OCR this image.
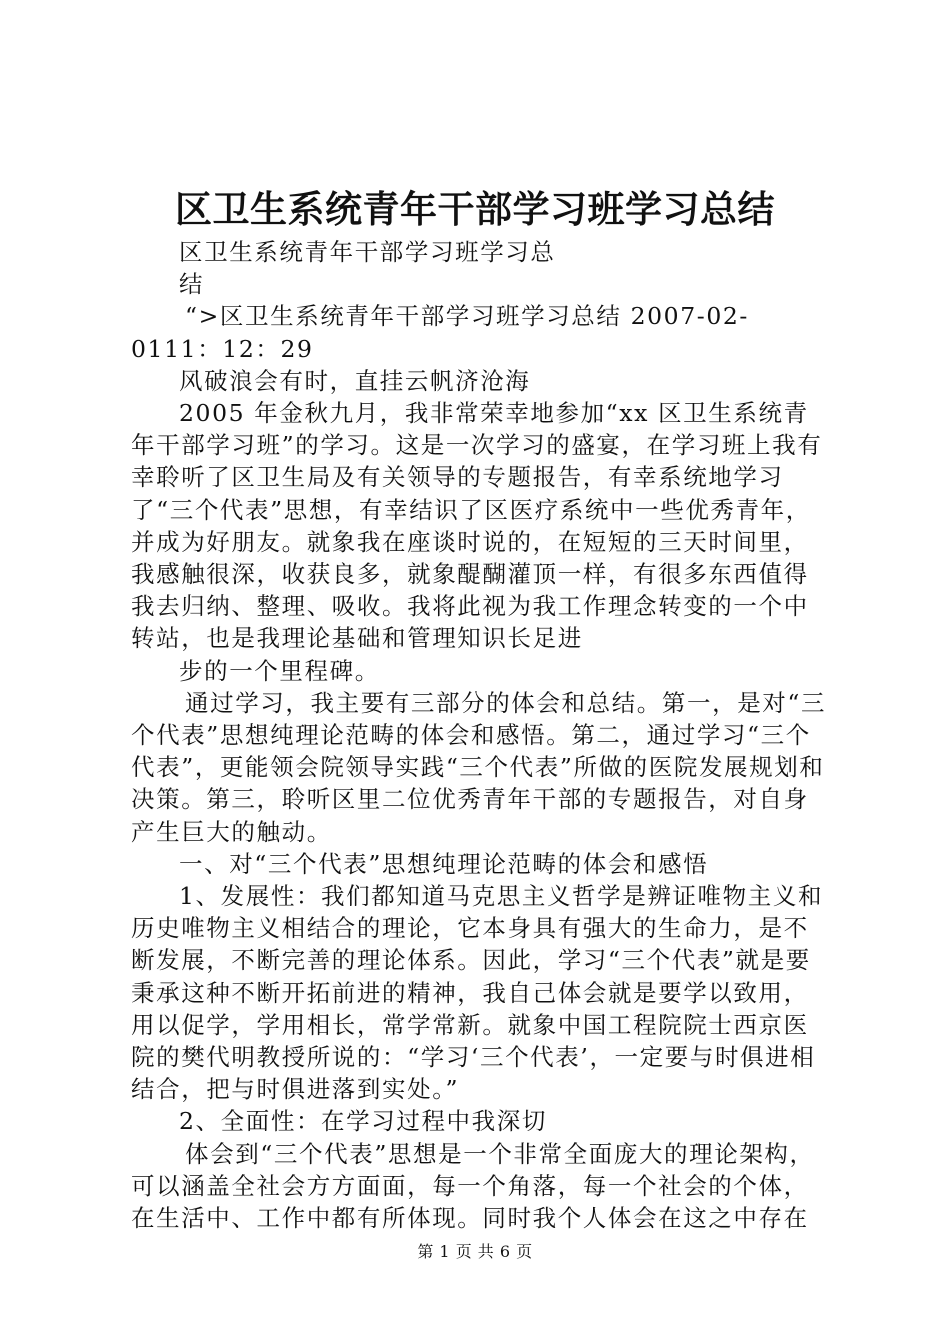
区卫生系统青年干部学习班学习总结

区卫生系统青年干部学习班学习总

结

“>区卫生系统青年干部学习班学习总结 2007-02-0111：12：29

风破浪会有时，直挂云帆济沧海

2005 年金秋九月，我非常荣幸地参加“xx 区卫生系统青年干部学习班”的学习。这是一次学习的盛宴，在学习班上我有幸聆听了区卫生局及有关领导的专题报告，有幸系统地学习了“三个代表”思想，有幸结识了区医疗系统中一些优秀青年，并成为好朋友。就象我在座谈时说的，在短短的三天时间里，我感触很深，收获良多，就象醍醐灌顶一样，有很多东西值得我去归纳、整理、吸收。我将此视为我工作理念转变的一个中转站，也是我理论基础和管理知识长足进

步的一个里程碑。

通过学习，我主要有三部分的体会和总结。第一，是对“三个代表”思想纯理论范畴的体会和感悟。第二，通过学习“三个代表”，更能领会院领导实践“三个代表”所做的医院发展规划和决策。第三，聆听区里二位优秀青年干部的专题报告，对自身产生巨大的触动。

一、对“三个代表”思想纯理论范畴的体会和感悟

1、发展性：我们都知道马克思主义哲学是辨证唯物主义和历史唯物主义相结合的理论，它本身具有强大的生命力，是不断发展，不断完善的理论体系。因此，学习“三个代表”就是要秉承这种不断开拓前进的精神，我自己体会就是要学以致用，用以促学，学用相长，常学常新。就象中国工程院院士西京医院的樊代明教授所说的：“学习‘三个代表’，一定要与时俱进相结合，把与时俱进落到实处。”

2、全面性：在学习过程中我深切

体会到“三个代表”思想是一个非常全面庞大的理论架构，可以涵盖全社会方方面面，每一个角落，每一个社会的个体，在生活中、工作中都有所体现。同时我个人体会在这之中存在

第 1 页 共 6 页
